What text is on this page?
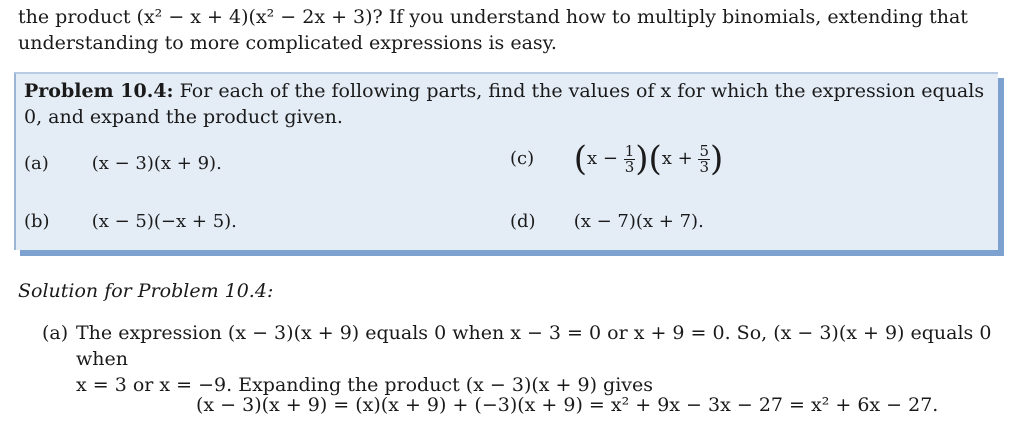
the product (x² − x + 4)(x² − 2x + 3)? If you understand how to multiply binomials, extending that
understanding to more complicated expressions is easy.
Problem 10.4: For each of the following parts, find the values of x for which the expression equals 0, and expand the product given.
(a) (x − 3)(x + 9).
(b) (x − 5)(−x + 5).
(c) $(x - \frac{1}{3} )(x + \frac{5}{3}$ )
(d) (x − 7)(x + 7).
Solution for Problem 10.4:
(a) The expression (x − 3)(x + 9) equals 0 when x − 3 = 0 or x + 9 = 0. So, (x − 3)(x + 9) equals 0 when
x = 3 or x = −9. Expanding the product (x − 3)(x + 9) gives
(x − 3)(x + 9) = (x)(x + 9) + (−3)(x + 9) = x² + 9x − 3x − 27 = x² + 6x − 27.
